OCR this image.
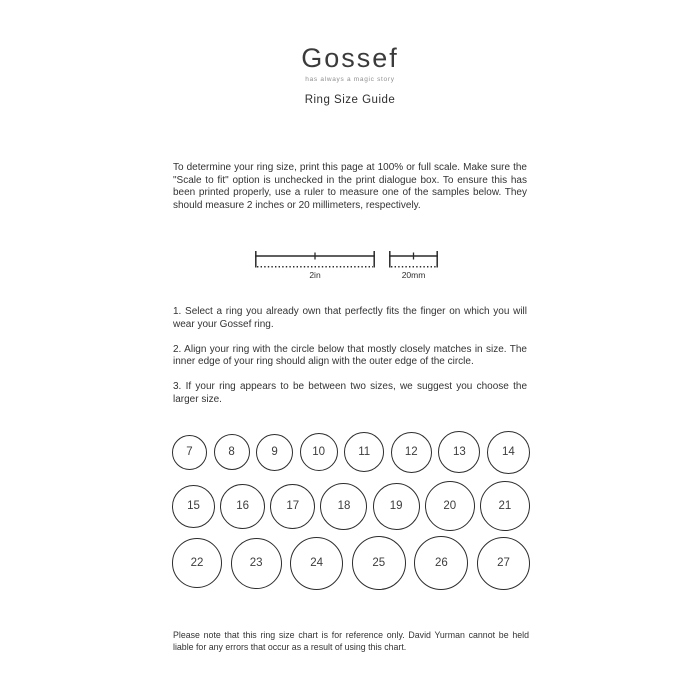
Gossef
has always a magic story
Ring Size Guide

To determine your ring size, print this page at 100% or full scale. Make sure the "Scale to fit" option is unchecked in the print dialogue box. To ensure this has been printed properly, use a ruler to measure one of the samples below. They should measure 2 inches or 20 millimeters, respectively.

2in	20mm

1. Select a ring you already own that perfectly fits the finger on which you will wear your Gossef ring.

2. Align your ring with the circle below that mostly closely matches in size. The inner edge of your ring should align with the outer edge of the circle.

3. If your ring appears to be between two sizes, we suggest you choose the larger size.

7	8	9	10	11	12	13	14
15	16	17	18	19	20	21
22	23	24	25	26	27

Please note that this ring size chart is for reference only. David Yurman cannot be held liable for any errors that occur as a result of using this chart.
